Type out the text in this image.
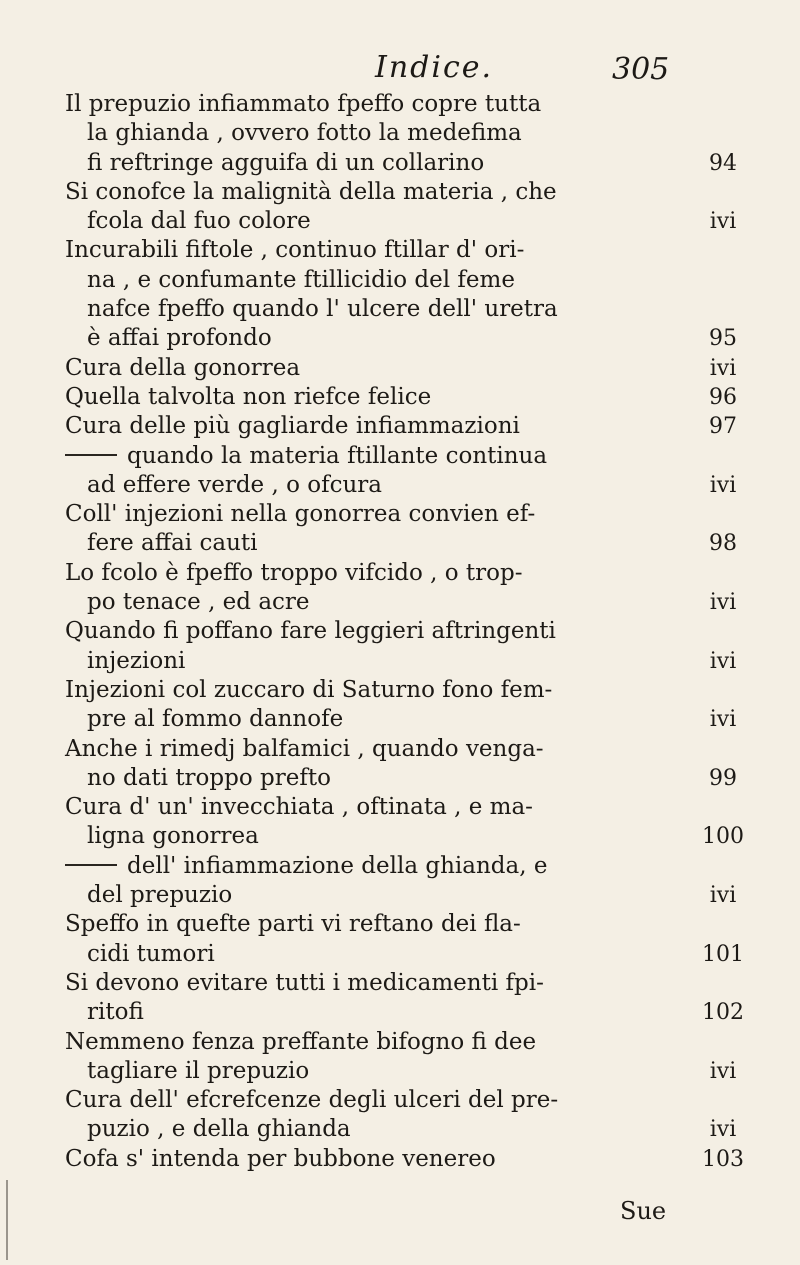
Indice.	305
Il prepuzio infiammato fpeffo copre tutta
la ghianda , ovvero fotto la medefima
fi reftringe agguifa di un collarino	94
Si conofce la malignità della materia , che
fcola dal fuo colore	ivi
Incurabili fiftole , continuo ftillar d' ori-
na , e confumante ftillicidio del feme
nafce fpeffo quando l' ulcere dell' uretra
è affai profondo	95
Cura della gonorrea	ivi
Quella talvolta non riefce felice	96
Cura delle più gagliarde infiammazioni	97
quando la materia ftillante continua
ad effere verde , o ofcura	ivi
Coll' injezioni nella gonorrea convien ef-
fere affai cauti	98
Lo fcolo è fpeffo troppo vifcido , o trop-
po tenace , ed acre	ivi
Quando fi poffano fare leggieri aftringenti
injezioni	ivi
Injezioni col zuccaro di Saturno fono fem-
pre al fommo dannofe	ivi
Anche i rimedj balfamici , quando venga-
no dati troppo prefto	99
Cura d' un' invecchiata , oftinata , e ma-
ligna gonorrea	100
dell' infiammazione della ghianda, e
del prepuzio	ivi
Speffo in quefte parti vi reftano dei fla-
cidi tumori	101
Si devono evitare tutti i medicamenti fpi-
ritofi	102
Nemmeno fenza preffante bifogno fi dee
tagliare il prepuzio	ivi
Cura dell' efcrefcenze degli ulceri del pre-
puzio , e della ghianda	ivi
Cofa s' intenda per bubbone venereo	103
Sue
